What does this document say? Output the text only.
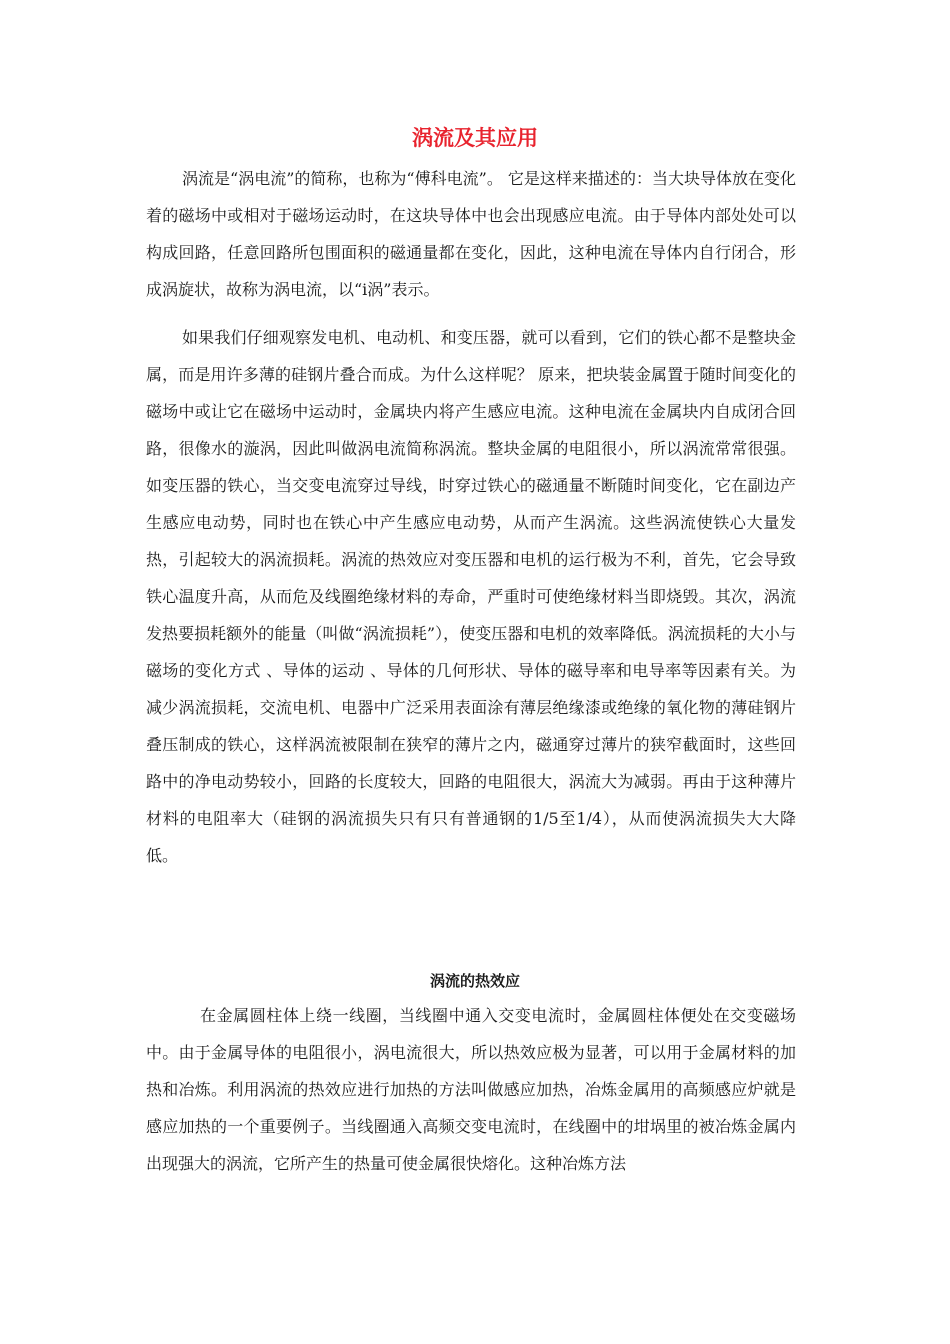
涡流及其应用

涡流是“涡电流”的简称，也称为“傅科电流”。 它是这样来描述的：当大块导体放在变化着的磁场中或相对于磁场运动时，在这块导体中也会出现感应电流。由于导体内部处处可以构成回路，任意回路所包围面积的磁通量都在变化，因此，这种电流在导体内自行闭合，形成涡旋状，故称为涡电流，以“i涡”表示。

如果我们仔细观察发电机、电动机、和变压器，就可以看到，它们的铁心都不是整块金属，而是用许多薄的硅钢片叠合而成。为什么这样呢？ 原来，把块装金属置于随时间变化的磁场中或让它在磁场中运动时，金属块内将产生感应电流。这种电流在金属块内自成闭合回路，很像水的漩涡，因此叫做涡电流简称涡流。整块金属的电阻很小，所以涡流常常很强。如变压器的铁心，当交变电流穿过导线，时穿过铁心的磁通量不断随时间变化，它在副边产生感应电动势，同时也在铁心中产生感应电动势，从而产生涡流。这些涡流使铁心大量发热，引起较大的涡流损耗。涡流的热效应对变压器和电机的运行极为不利，首先，它会导致铁心温度升高，从而危及线圈绝缘材料的寿命，严重时可使绝缘材料当即烧毁。其次，涡流发热要损耗额外的能量（叫做“涡流损耗”），使变压器和电机的效率降低。涡流损耗的大小与磁场的变化方式 、导体的运动 、导体的几何形状、导体的磁导率和电导率等因素有关。为减少涡流损耗，交流电机、电器中广泛采用表面涂有薄层绝缘漆或绝缘的氧化物的薄硅钢片叠压制成的铁心，这样涡流被限制在狭窄的薄片之内，磁通穿过薄片的狭窄截面时，这些回路中的净电动势较小，回路的长度较大，回路的电阻很大，涡流大为减弱。再由于这种薄片材料的电阻率大（硅钢的涡流损失只有只有普通钢的1/5至1/4），从而使涡流损失大大降低。

涡流的热效应

在金属圆柱体上绕一线圈，当线圈中通入交变电流时，金属圆柱体便处在交变磁场中。由于金属导体的电阻很小，涡电流很大，所以热效应极为显著，可以用于金属材料的加热和冶炼。利用涡流的热效应进行加热的方法叫做感应加热，冶炼金属用的高频感应炉就是感应加热的一个重要例子。当线圈通入高频交变电流时，在线圈中的坩埚里的被冶炼金属内出现强大的涡流，它所产生的热量可使金属很快熔化。这种冶炼方法
